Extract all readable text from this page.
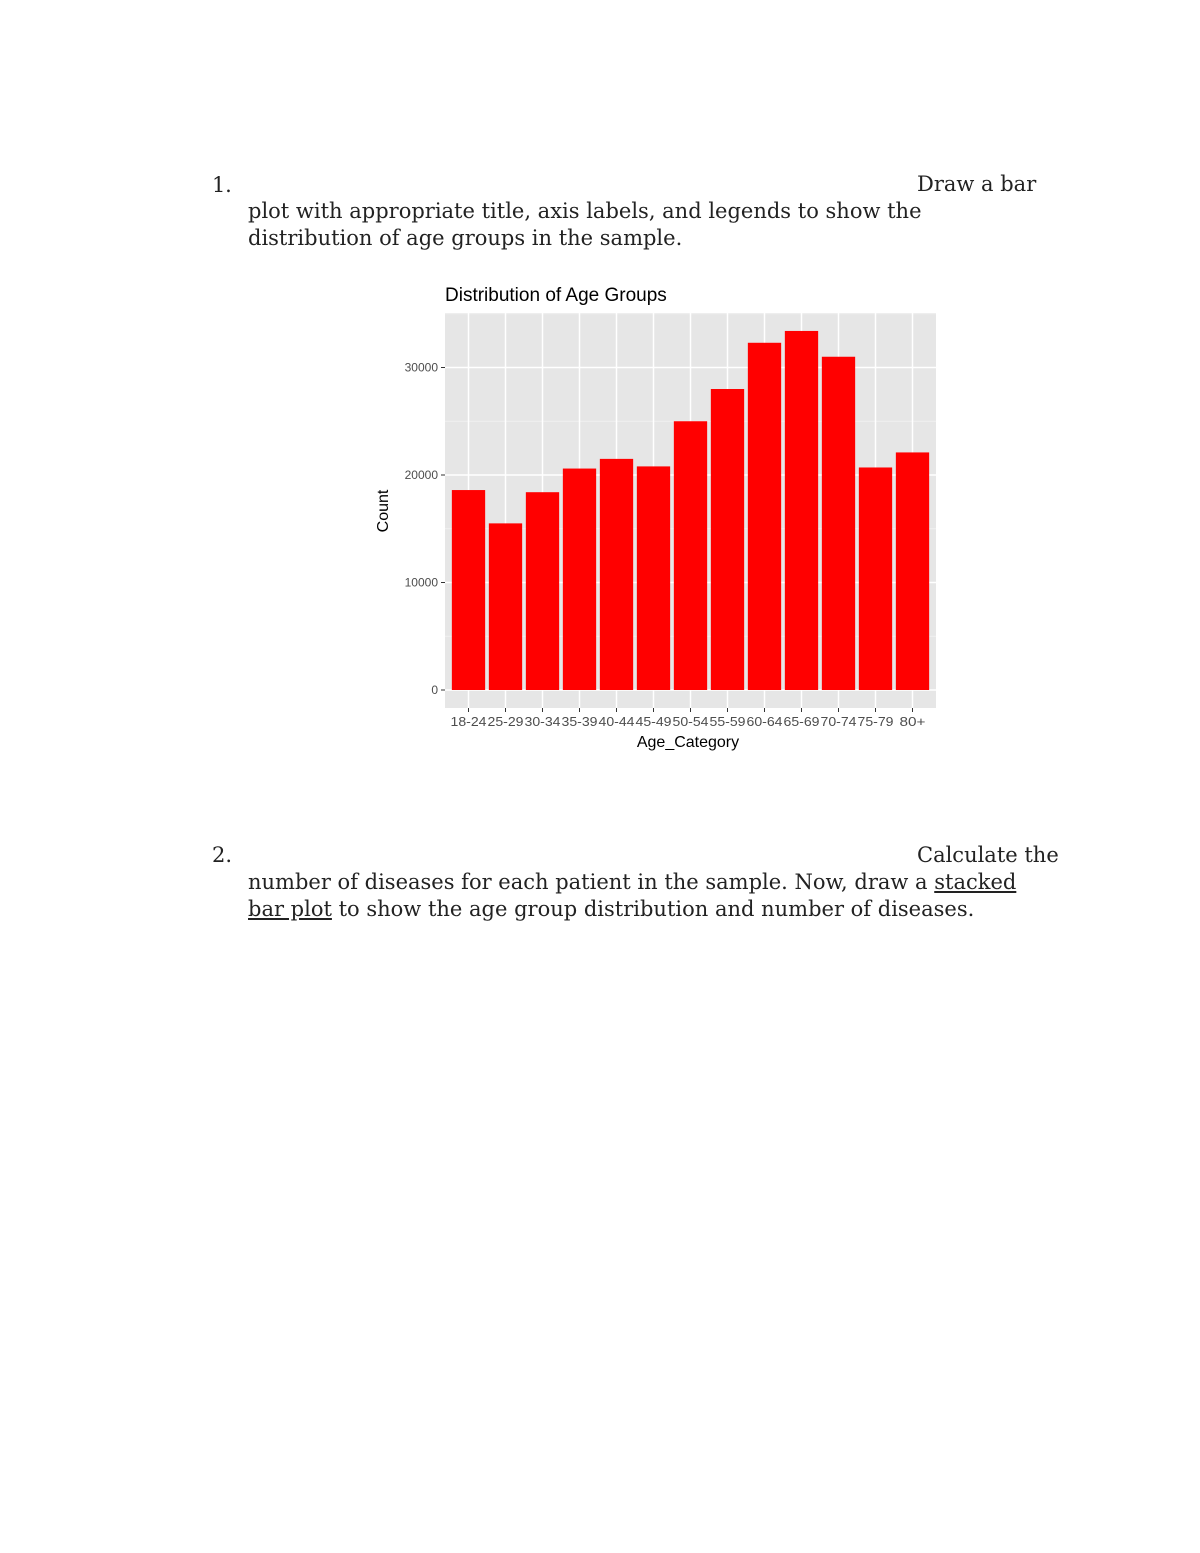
1.	Draw a bar
plot with appropriate title, axis labels, and legends to show the distribution of age groups in the sample.
Distribution of Age Groups
0
10000
20000
30000
18-24 25-29 30-34 35-39 40-44 45-49 50-54 55-59 60-64 65-69 70-74 75-79 80+
Age_Category
Count
2.	Calculate the
number of diseases for each patient in the sample. Now, draw a stacked bar plot to show the age group distribution and number of diseases.
